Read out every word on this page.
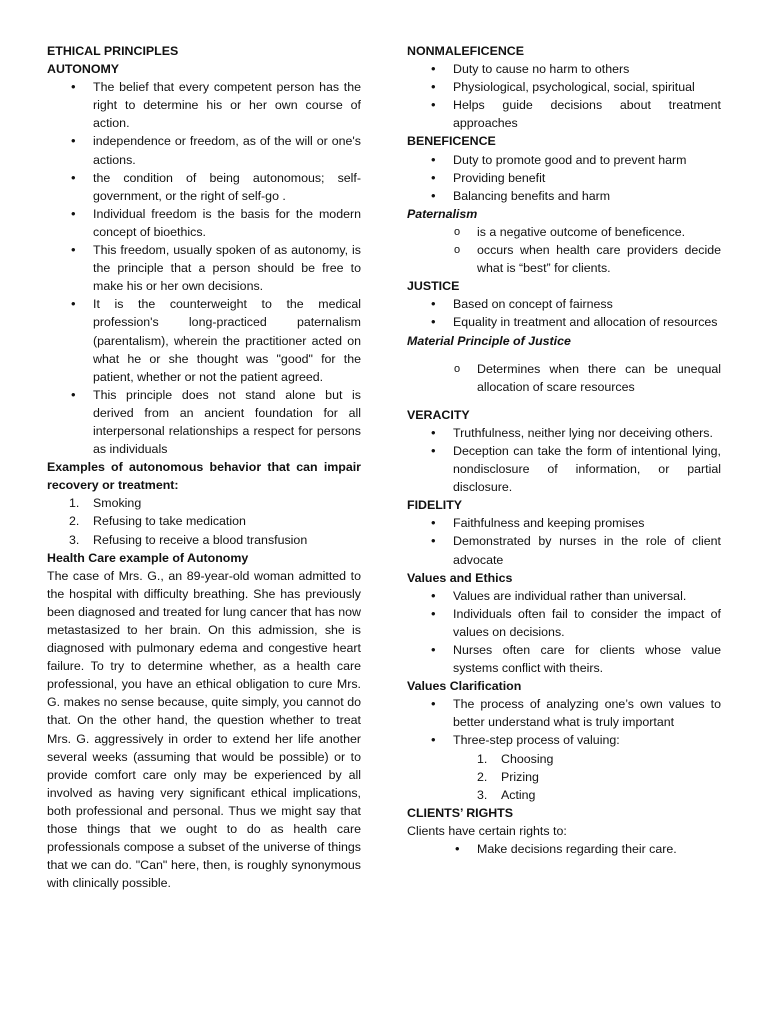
ETHICAL PRINCIPLES
AUTONOMY
• The belief that every competent person has the right to determine his or her own course of action.
• independence or freedom, as of the will or one's actions.
• the condition of being autonomous; self-government, or the right of self-go .
• Individual freedom is the basis for the modern concept of bioethics.
• This freedom, usually spoken of as autonomy, is the principle that a person should be free to make his or her own decisions.
• It is the counterweight to the medical profession's long-practiced paternalism (parentalism), wherein the practitioner acted on what he or she thought was "good" for the patient, whether or not the patient agreed.
• This principle does not stand alone but is derived from an ancient foundation for all interpersonal relationships a respect for persons as individuals
Examples of autonomous behavior that can impair recovery or treatment:
1. Smoking
2. Refusing to take medication
3. Refusing to receive a blood transfusion
Health Care example of Autonomy
The case of Mrs. G., an 89-year-old woman admitted to the hospital with difficulty breathing. She has previously been diagnosed and treated for lung cancer that has now metastasized to her brain. On this admission, she is diagnosed with pulmonary edema and congestive heart failure. To try to determine whether, as a health care professional, you have an ethical obligation to cure Mrs. G. makes no sense because, quite simply, you cannot do that. On the other hand, the question whether to treat Mrs. G. aggressively in order to extend her life another several weeks (assuming that would be possible) or to provide comfort care only may be experienced by all involved as having very significant ethical implications, both professional and personal. Thus we might say that those things that we ought to do as health care professionals compose a subset of the universe of things that we can do. "Can" here, then, is roughly synonymous with clinically possible.
NONMALEFICENCE
• Duty to cause no harm to others
• Physiological, psychological, social, spiritual
• Helps guide decisions about treatment approaches
BENEFICENCE
• Duty to promote good and to prevent harm
• Providing benefit
• Balancing benefits and harm
Paternalism
o is a negative outcome of beneficence.
o occurs when health care providers decide what is “best” for clients.
JUSTICE
• Based on concept of fairness
• Equality in treatment and allocation of resources
Material Principle of Justice
o Determines when there can be unequal allocation of scare resources
VERACITY
• Truthfulness, neither lying nor deceiving others.
• Deception can take the form of intentional lying, nondisclosure of information, or partial disclosure.
FIDELITY
• Faithfulness and keeping promises
• Demonstrated by nurses in the role of client advocate
Values and Ethics
• Values are individual rather than universal.
• Individuals often fail to consider the impact of values on decisions.
• Nurses often care for clients whose value systems conflict with theirs.
Values Clarification
• The process of analyzing one’s own values to better understand what is truly important
• Three-step process of valuing:
1. Choosing
2. Prizing
3. Acting
CLIENTS’ RIGHTS
Clients have certain rights to:
• Make decisions regarding their care.
